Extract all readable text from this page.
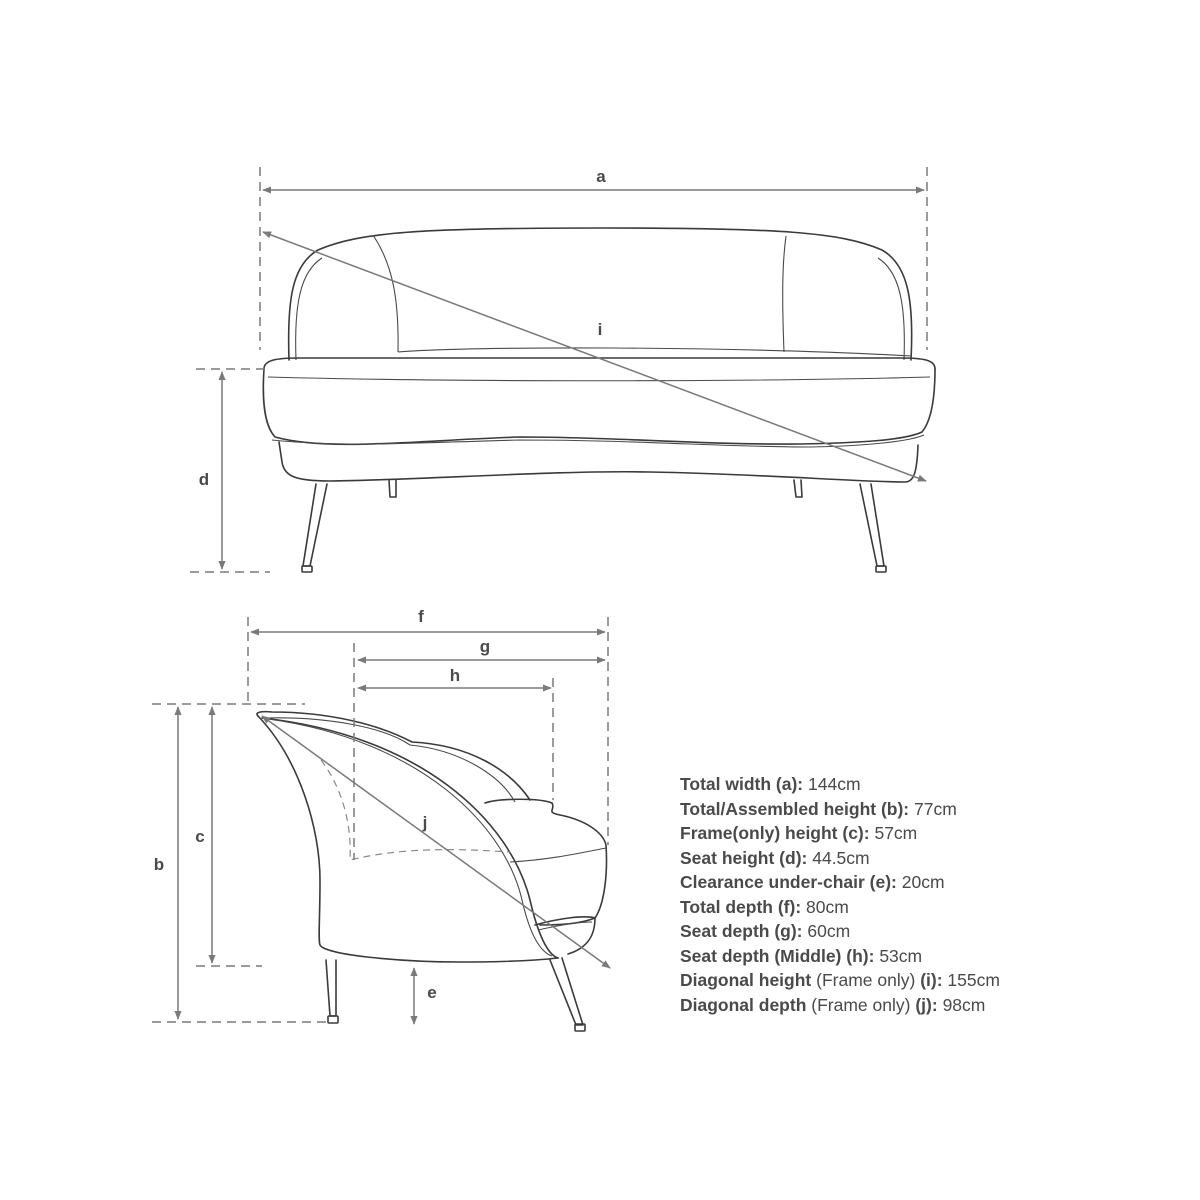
a
i
d
f
g
h
j
b
c
e
Total width (a): 144cm
Total/Assembled height (b): 77cm
Frame(only) height (c): 57cm
Seat height (d): 44.5cm
Clearance under-chair (e): 20cm
Total depth (f): 80cm
Seat depth (g): 60cm
Seat depth (Middle) (h): 53cm
Diagonal height (Frame only) (i): 155cm
Diagonal depth (Frame only) (j): 98cm
